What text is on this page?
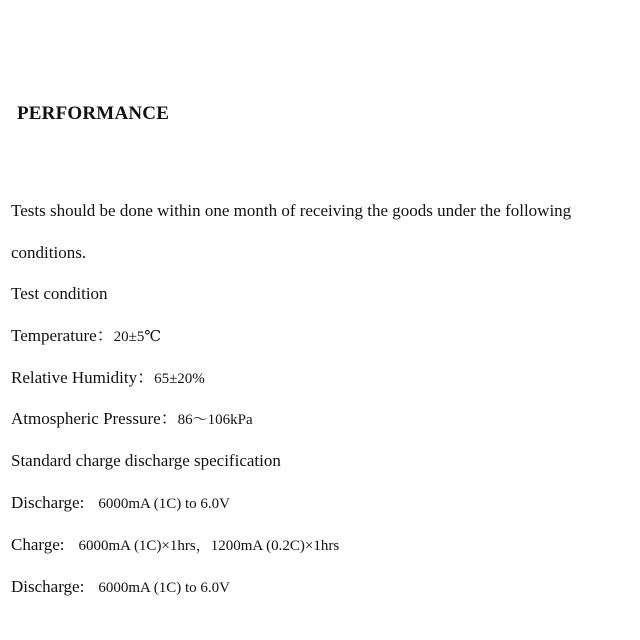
PERFORMANCE
Tests should be done within one month of receiving the goods under the following
conditions.
Test condition
Temperature：20±5℃
Relative Humidity：65±20%
Atmospheric Pressure：86～106kPa
Standard charge discharge specification
Discharge: 6000mA (1C) to 6.0V
Charge: 6000mA (1C)×1hrs，1200mA (0.2C)×1hrs
Discharge: 6000mA (1C) to 6.0V
